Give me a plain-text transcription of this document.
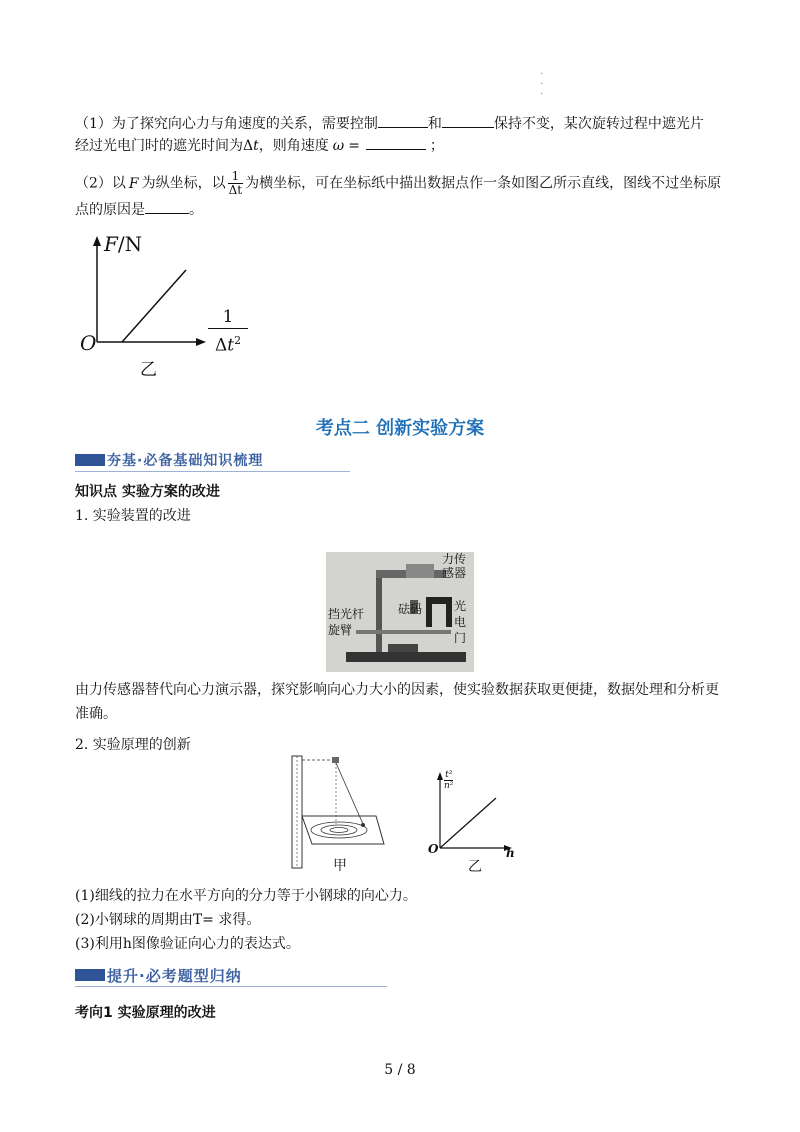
·
·
·
（1）为了探究向心力与角速度的关系，需要控制	和	保持不变，某次旋转过程中遮光片
经过光电门时的遮光时间为Δt，则角速度 ω =	；
（2）以 F 为纵坐标，以 $\frac{1}{\Delta t}$ 为横坐标，可在坐标纸中描出数据点作一条如图乙所示直线，图线不过坐标原
点的原因是	。
F/N
O	$\frac{1}{\Delta t^2}$
乙
考点二 创新实验方案
夯基·必备基础知识梳理
知识点 实验方案的改进
1. 实验装置的改进
力传
感器
砝码	光电
门
挡光杆
旋臂
由力传感器替代向心力演示器，探究影响向心力大小的因素，使实验数据获取更便捷，数据处理和分析更
准确。
2. 实验原理的创新
甲
$\frac{\text{t²}}{\text{n²}}$
O	h
乙
(1)细线的拉力在水平方向的分力等于小钢球的向心力。
(2)小钢球的周期由T= 求得。
(3)利用h图像验证向心力的表达式。
提升·必考题型归纳
考向1 实验原理的改进
5 / 8
